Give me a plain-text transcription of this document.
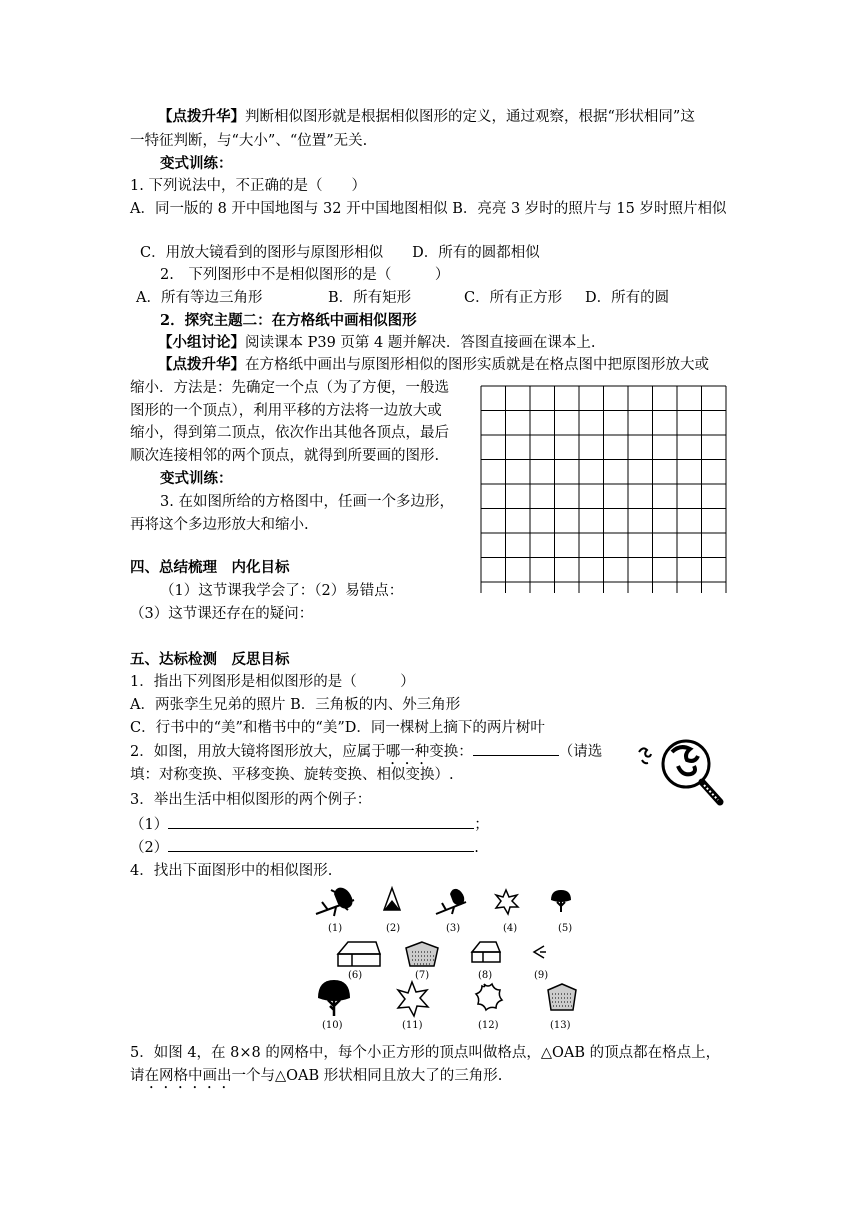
【点拨升华】判断相似图形就是根据相似图形的定义，通过观察，根据“形状相同”这
一特征判断，与“大小”、“位置”无关.
变式训练：
1. 下列说法中，不正确的是（　　）
A．同一版的 8 开中国地图与 32 开中国地图相似 B．亮亮 3 岁时的照片与 15 岁时照片相似
C．用放大镜看到的图形与原图形相似　　D．所有的圆都相似
2.　下列图形中不是相似图形的是（　　　）
A．所有等边三角形	B．所有矩形	C．所有正方形 D．所有的圆
2．探究主题二：在方格纸中画相似图形
【小组讨论】阅读课本 P39 页第 4 题并解决．答图直接画在课本上.
【点拨升华】在方格纸中画出与原图形相似的图形实质就是在格点图中把原图形放大或
缩小．方法是：先确定一个点（为了方便，一般选
图形的一个顶点），利用平移的方法将一边放大或
缩小，得到第二顶点，依次作出其他各顶点，最后
顺次连接相邻的两个顶点，就得到所要画的图形.
变式训练：
3. 在如图所给的方格图中，任画一个多边形，
再将这个多边形放大和缩小.
四、总结梳理　内化目标
（1）这节课我学会了：（2）易错点：
（3）这节课还存在的疑问：
五、达标检测　反思目标
1．指出下列图形是相似图形的是（　　　）
A．两张孪生兄弟的照片 B．三角板的内、外三角形
C．行书中的“美”和楷书中的“美”D．同一棵树上摘下的两片树叶
2．如图，用放大镜将图形放大，应属于哪一种变换：	（请选
填：对称变换、平移变换、旋转变换、相似变换）.
3．举出生活中相似图形的两个例子：
（1）	；
（2）	.
4．找出下面图形中的相似图形.
(1)	(2)	(3)	(4)	(5)
(6)	(7)	(8)	(9)
(10)	(11)	(12)	(13)
5．如图 4，在 8×8 的网格中，每个小正方形的顶点叫做格点，△OAB 的顶点都在格点上，
请在网格中画出一个与△OAB 形状相同且放大了的三角形.
